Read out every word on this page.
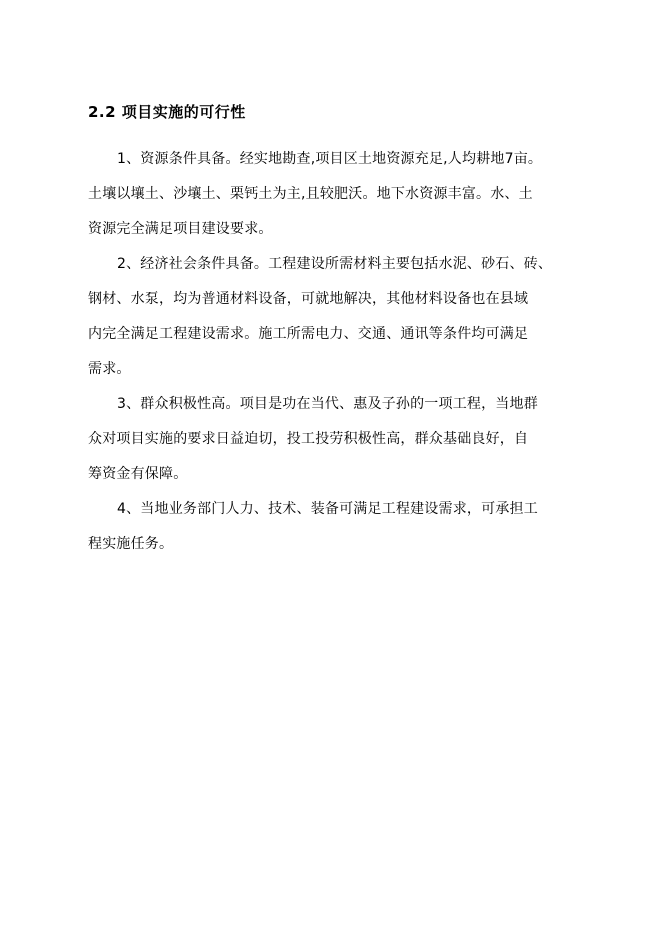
2.2 项目实施的可行性
1、资源条件具备。经实地勘查,项目区土地资源充足,人均耕地7亩。
土壤以壤土、沙壤土、栗钙土为主,且较肥沃。地下水资源丰富。水、土
资源完全满足项目建设要求。
2、经济社会条件具备。工程建设所需材料主要包括水泥、砂石、砖、
钢材、水泵，均为普通材料设备，可就地解决，其他材料设备也在县域
内完全满足工程建设需求。施工所需电力、交通、通讯等条件均可满足
需求。
3、群众积极性高。项目是功在当代、惠及子孙的一项工程，当地群
众对项目实施的要求日益迫切，投工投劳积极性高，群众基础良好，自
筹资金有保障。
4、当地业务部门人力、技术、装备可满足工程建设需求，可承担工
程实施任务。
